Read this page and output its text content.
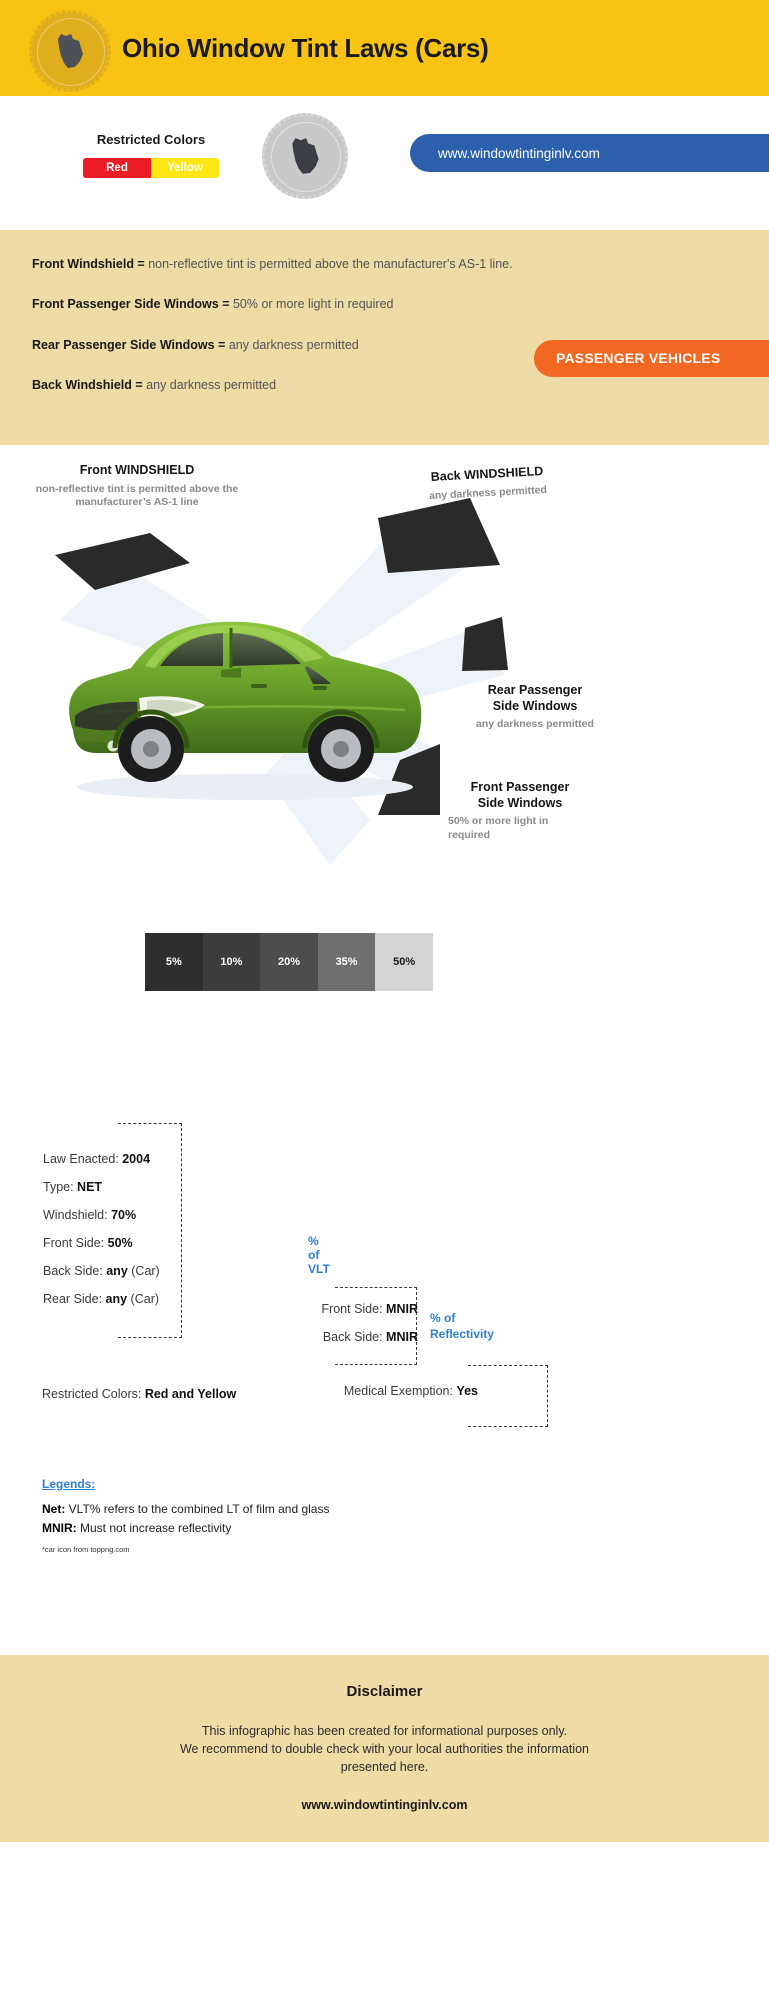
Ohio Window Tint Laws (Cars)
Restricted Colors
Red	Yellow
www.windowtintinginlv.com

Front Windshield = non-reflective tint is permitted above the manufacturer's AS-1 line.

Front Passenger Side Windows = 50% or more light in required

Rear Passenger Side Windows = any darkness permitted

Back Windshield = any darkness permitted

PASSENGER VEHICLES
Front WINDSHIELD
non-reflective tint is permitted above the manufacturer’s AS-1 line
Back WINDSHIELD
any darkness permitted
Rear Passenger
Side Windows
any darkness permitted
Front Passenger
Side Windows
50% or more light in required
5%	10%	20%	35%	50%
Law Enacted: 2004
Type: NET
Windshield: 70%
Front Side: 50%
Back Side: any (Car)
Rear Side: any (Car)
% of VLT
Front Side: MNIR
Back Side: MNIR
% of
Reflectivity
Restricted Colors: Red and Yellow	Medical Exemption: Yes
Legends:
Net: VLT% refers to the combined LT of film and glass
MNIR: Must not increase reflectivity
*car icon from toppng.com
Disclaimer
This infographic has been created for informational purposes only.
We recommend to double check with your local authorities the information
presented here.
www.windowtintinginlv.com
